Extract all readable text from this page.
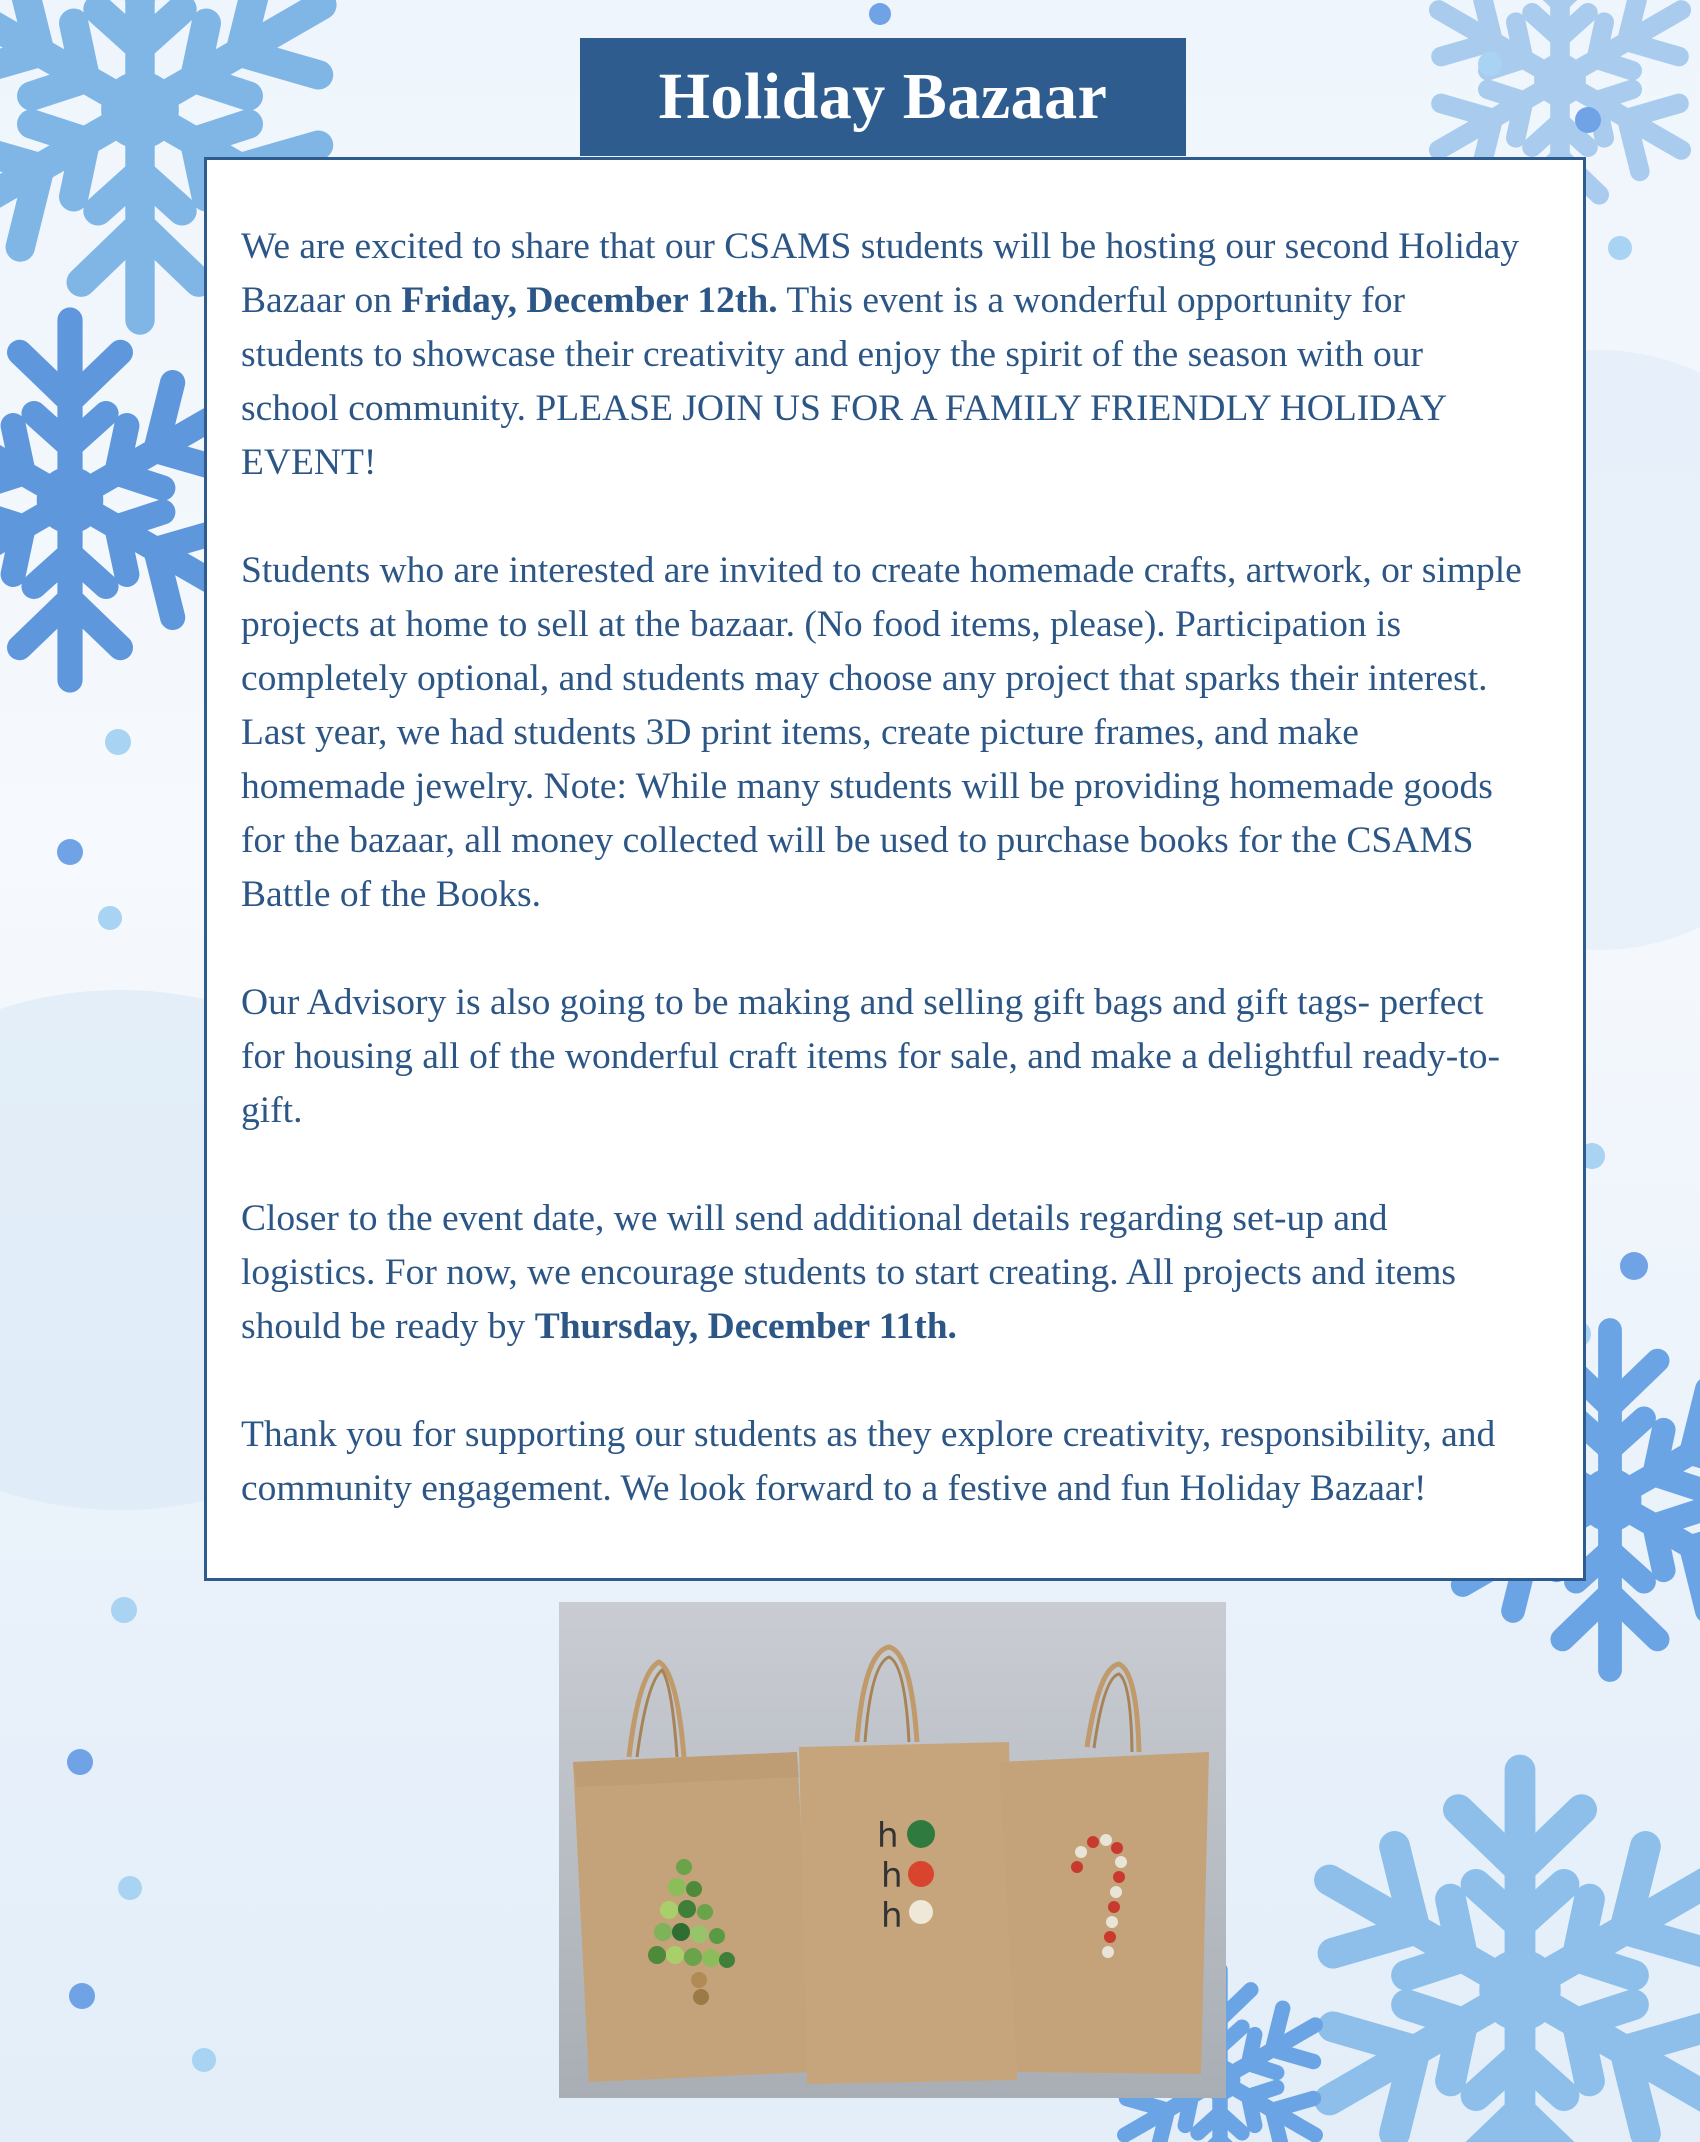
Holiday Bazaar

We are excited to share that our CSAMS students will be hosting our second Holiday Bazaar on Friday, December 12th. This event is a wonderful opportunity for students to showcase their creativity and enjoy the spirit of the season with our school community. PLEASE JOIN US FOR A FAMILY FRIENDLY HOLIDAY EVENT!

Students who are interested are invited to create homemade crafts, artwork, or simple projects at home to sell at the bazaar. (No food items, please). Participation is completely optional, and students may choose any project that sparks their interest. Last year, we had students 3D print items, create picture frames, and make homemade jewelry. Note: While many students will be providing homemade goods for the bazaar, all money collected will be used to purchase books for the CSAMS Battle of the Books.

Our Advisory is also going to be making and selling gift bags and gift tags- perfect for housing all of the wonderful craft items for sale, and make a delightful ready-to-gift.

Closer to the event date, we will send additional details regarding set-up and logistics. For now, we encourage students to start creating. All projects and items should be ready by Thursday, December 11th.

Thank you for supporting our students as they explore creativity, responsibility, and community engagement. We look forward to a festive and fun Holiday Bazaar!

h
h
h
